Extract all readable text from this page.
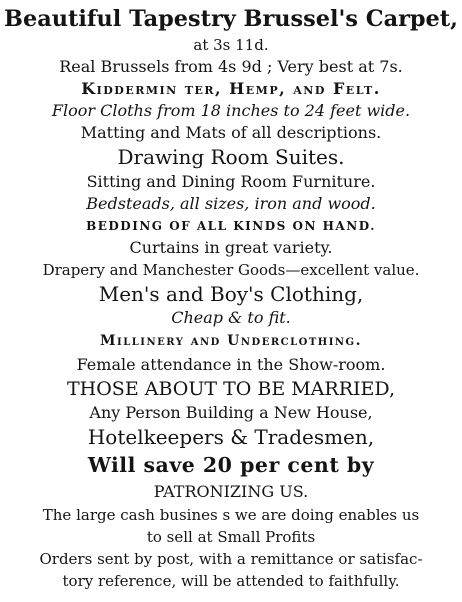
Beautiful Tapestry Brussel's Carpet,
at 3s 11d.
Real Brussels from 4s 9d ; Very best at 7s.
Kiddermin ter, Hemp, and Felt.
Floor Cloths from 18 inches to 24 feet wide.
Matting and Mats of all descriptions.
Drawing Room Suites.
Sitting and Dining Room Furniture.
Bedsteads, all sizes, iron and wood.
BEDDING OF ALL KINDS ON HAND.
Curtains in great variety.
Drapery and Manchester Goods—excellent value.
Men's and Boy's Clothing,
Cheap & to fit.
Millinery and Underclothing.
Female attendance in the Show-room.
THOSE ABOUT TO BE MARRIED,
Any Person Building a New House,
Hotelkeepers & Tradesmen,
Will save 20 per cent by
PATRONIZING US.
The large cash busines s we are doing enables us
to sell at Small Profits
Orders sent by post, with a remittance or satisfac-
tory reference, will be attended to faithfully.
